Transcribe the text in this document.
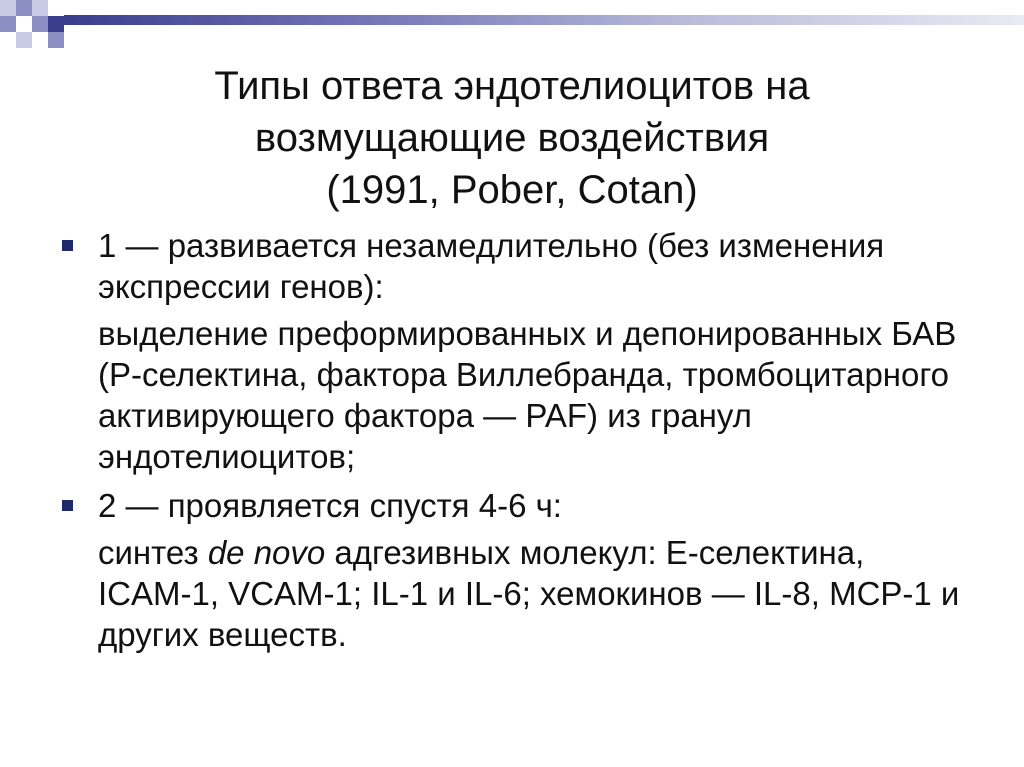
Типы ответа эндотелиоцитов на
возмущающие воздействия
(1991, Pober, Cotan)

1 — развивается незамедлительно (без изменения экспрессии генов):

выделение преформированных и депонированных БАВ (Р-селектина, фактора Виллебранда, тромбоцитарного активирующего фактора — PAF) из гранул эндотелиоцитов;

2 — проявляется спустя 4-6 ч:

синтез de novo адгезивных молекул: Е-селектина, ICAM-1, VCAM-1; IL-1 и IL-6; хемокинов — IL-8, МСР-1 и других веществ.
